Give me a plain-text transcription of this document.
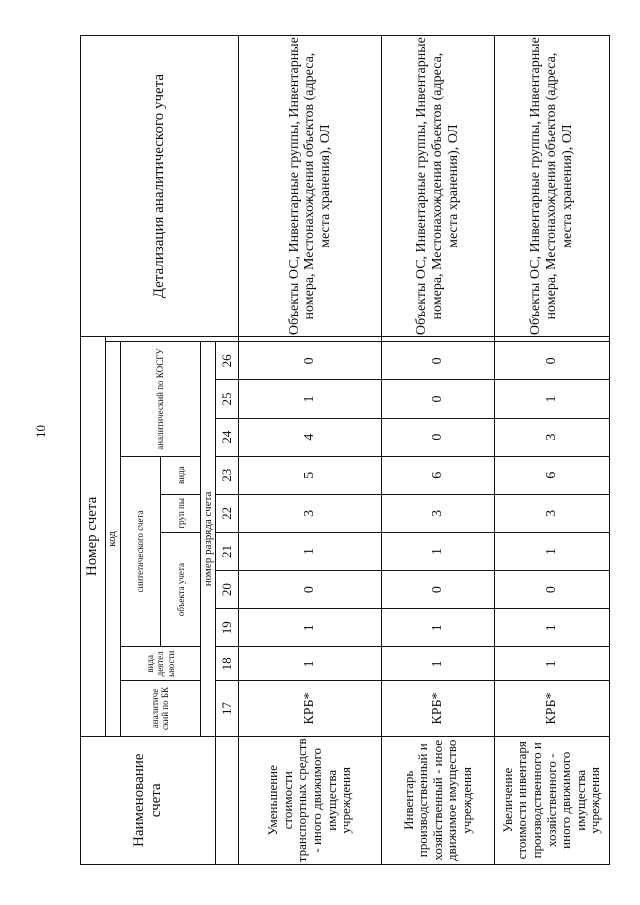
10
Наименование счета	Номер счета											Детализация аналитического учета
	код											
	аналитиче ский по БК	вида деятел ьности	синтетического счета					аналитический по КОСГУ				
			объекта учета			груп пы	вида					
	номер разряда счета											
	17	18	19	20	21	22	23	24	25	26		
Уменьшение стоимости транспортных средств - иного движимого имущества учреждения	КРБ*	1	1	0	1	3	5	4	1	0		Объекты ОС, Инвентарные группы, Инвентарные номера, Местонахождения объектов (адреса, места хранения), ОЛ
Инвентарь производственный и хозяйственный - иное движимое имущество учреждения	КРБ*	1	1	0	1	3	6	0	0	0		Объекты ОС, Инвентарные группы, Инвентарные номера, Местонахождения объектов (адреса, места хранения), ОЛ
Увеличение стоимости инвентаря производственного и хозяйственного - иного движимого имущества учреждения	КРБ*	1	1	0	1	3	6	3	1	0		Объекты ОС, Инвентарные группы, Инвентарные номера, Местонахождения объектов (адреса, места хранения), ОЛ
